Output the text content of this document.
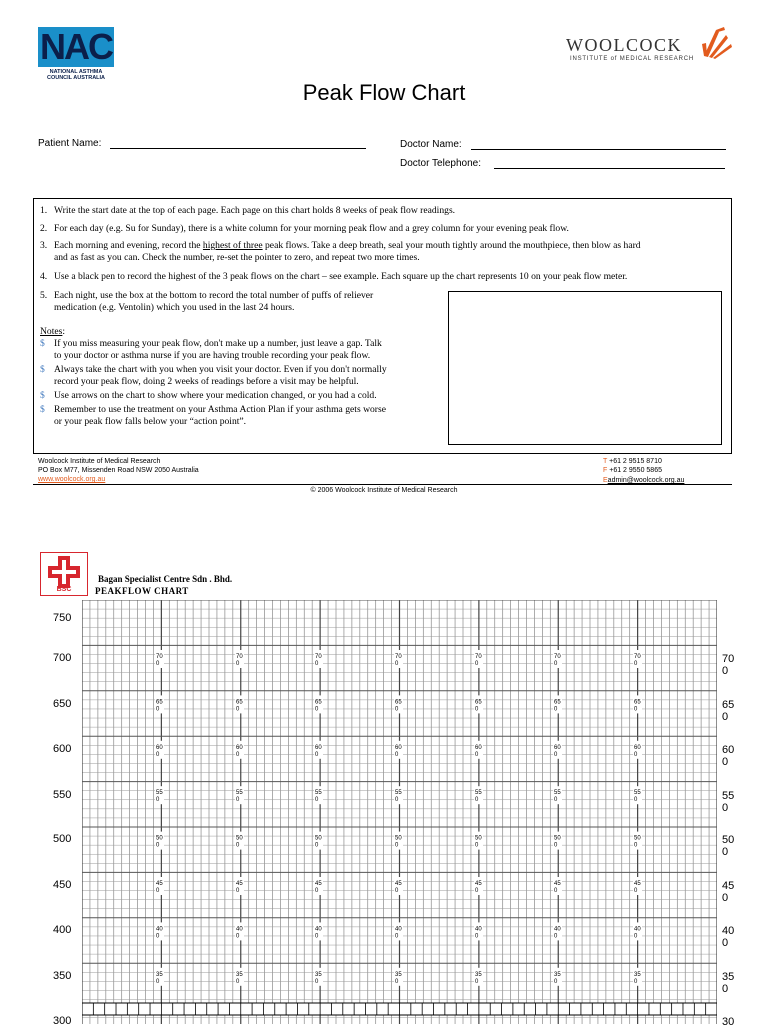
NAC
NATIONAL ASTHMA COUNCIL AUSTRALIA
WOOLCOCK
INSTITUTE of MEDICAL RESEARCH
Peak Flow Chart
Patient Name:	Doctor Name:
Doctor Telephone:
1. Write the start date at the top of each page. Each page on this chart holds 8 weeks of peak flow readings.
2. For each day (e.g. Su for Sunday), there is a white column for your morning peak flow and a grey column for your evening peak flow.
3. Each morning and evening, record the highest of three peak flows. Take a deep breath, seal your mouth tightly around the mouthpiece, then blow as hard
and as fast as you can. Check the number, re-set the pointer to zero, and repeat two more times.
4. Use a black pen to record the highest of the 3 peak flows on the chart – see example. Each square up the chart represents 10 on your peak flow meter.
5. Each night, use the box at the bottom to record the total number of puffs of reliever
medication (e.g. Ventolin) which you used in the last 24 hours.
Notes:
$ If you miss measuring your peak flow, don't make up a number, just leave a gap. Talk
to your doctor or asthma nurse if you are having trouble recording your peak flow.
$ Always take the chart with you when you visit your doctor. Even if you don't normally
record your peak flow, doing 2 weeks of readings before a visit may be helpful.
$ Use arrows on the chart to show where your medication changed, or you had a cold.
$ Remember to use the treatment on your Asthma Action Plan if your asthma gets worse
or your peak flow falls below your “action point”.
Woolcock Institute of Medical Research
PO Box M77, Missenden Road NSW 2050 Australia
www.woolcock.org.au
T +61 2 9515 8710
F +61 2 9550 5865
Eadmin@woolcock.org.au
© 2006 Woolcock Institute of Medical Research
BSC
Bagan Specialist Centre Sdn . Bhd.
PEAKFLOW CHART
750
700
650
600
550
500
450
400
350
300
70
0
65
0
60
0
55
0
50
0
45
0
40
0
35
0
30

70
0
65
0
60
0
55
0
50
0
45
0
40
0
35
0
70
0
65
0
60
0
55
0
50
0
45
0
40
0
35
0
70
0
65
0
60
0
55
0
50
0
45
0
40
0
35
0
70
0
65
0
60
0
55
0
50
0
45
0
40
0
35
0
70
0
65
0
60
0
55
0
50
0
45
0
40
0
35
0
70
0
65
0
60
0
55
0
50
0
45
0
40
0
35
0
70
0
65
0
60
0
55
0
50
0
45
0
40
0
35
0
